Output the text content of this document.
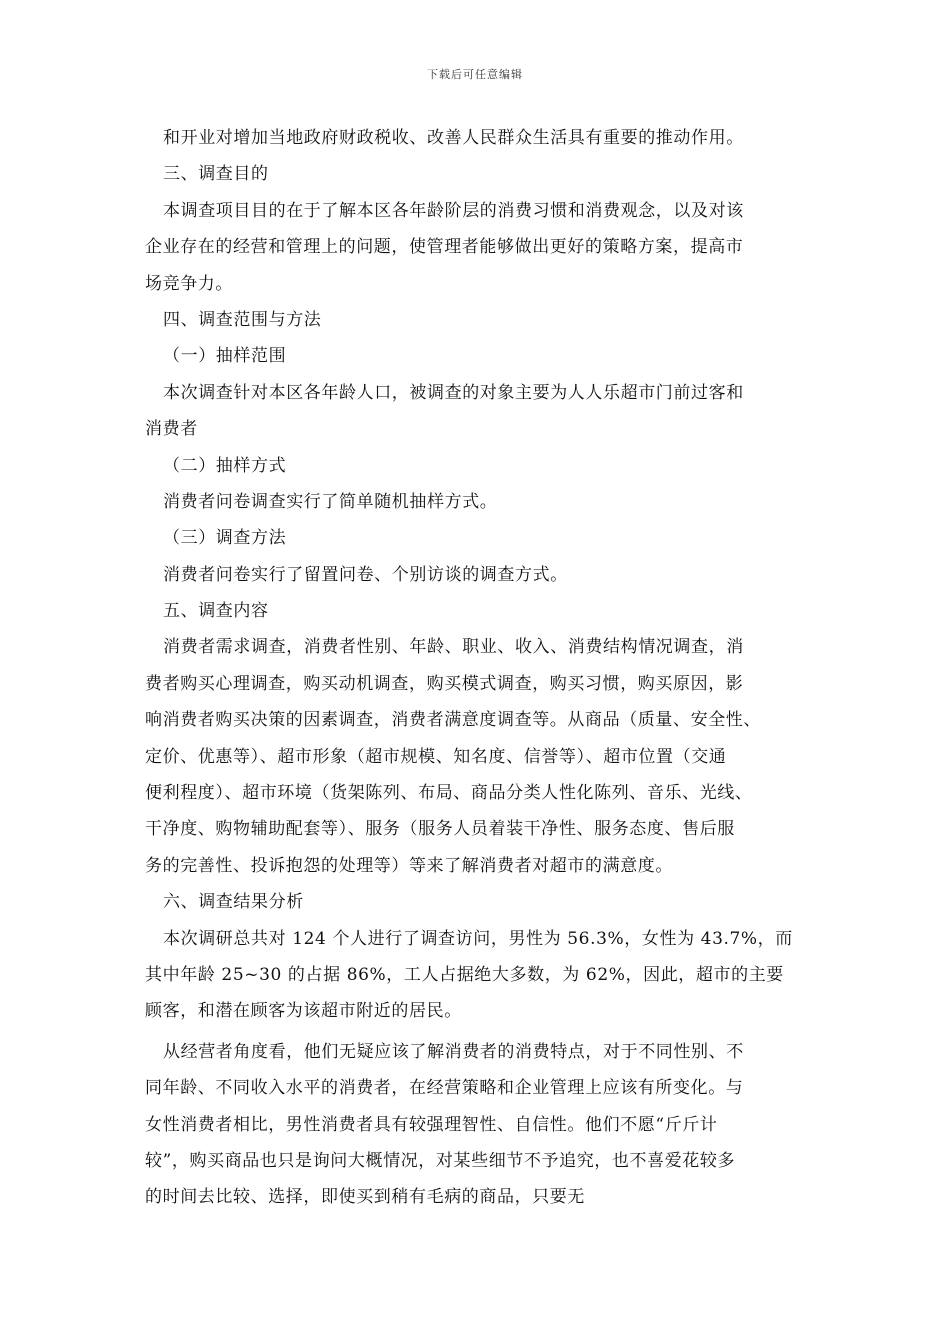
下载后可任意编辑
和开业对增加当地政府财政税收、改善人民群众生活具有重要的推动作用。
三、调查目的
本调查项目目的在于了解本区各年龄阶层的消费习惯和消费观念，以及对该
企业存在的经营和管理上的问题，使管理者能够做出更好的策略方案，提高市
场竞争力。
四、调查范围与方法
（一）抽样范围
本次调查针对本区各年龄人口，被调查的对象主要为人人乐超市门前过客和
消费者
（二）抽样方式
消费者问卷调查实行了简单随机抽样方式。
（三）调查方法
消费者问卷实行了留置问卷、个别访谈的调查方式。
五、调查内容
消费者需求调查，消费者性别、年龄、职业、收入、消费结构情况调查，消
费者购买心理调查，购买动机调查，购买模式调查，购买习惯，购买原因，影
响消费者购买决策的因素调查，消费者满意度调查等。从商品（质量、安全性、
定价、优惠等）、超市形象（超市规模、知名度、信誉等）、超市位置（交通
便利程度）、超市环境（货架陈列、布局、商品分类人性化陈列、音乐、光线、
干净度、购物辅助配套等）、服务（服务人员着装干净性、服务态度、售后服
务的完善性、投诉抱怨的处理等）等来了解消费者对超市的满意度。
六、调查结果分析
本次调研总共对 124 个人进行了调查访问，男性为 56.3%，女性为 43.7%，而
其中年龄 25~30 的占据 86%，工人占据绝大多数，为 62%，因此，超市的主要
顾客，和潜在顾客为该超市附近的居民。
从经营者角度看，他们无疑应该了解消费者的消费特点，对于不同性别、不
同年龄、不同收入水平的消费者，在经营策略和企业管理上应该有所变化。与
女性消费者相比，男性消费者具有较强理智性、自信性。他们不愿“斤斤计
较”，购买商品也只是询问大概情况，对某些细节不予追究，也不喜爱花较多
的时间去比较、选择，即使买到稍有毛病的商品，只要无
